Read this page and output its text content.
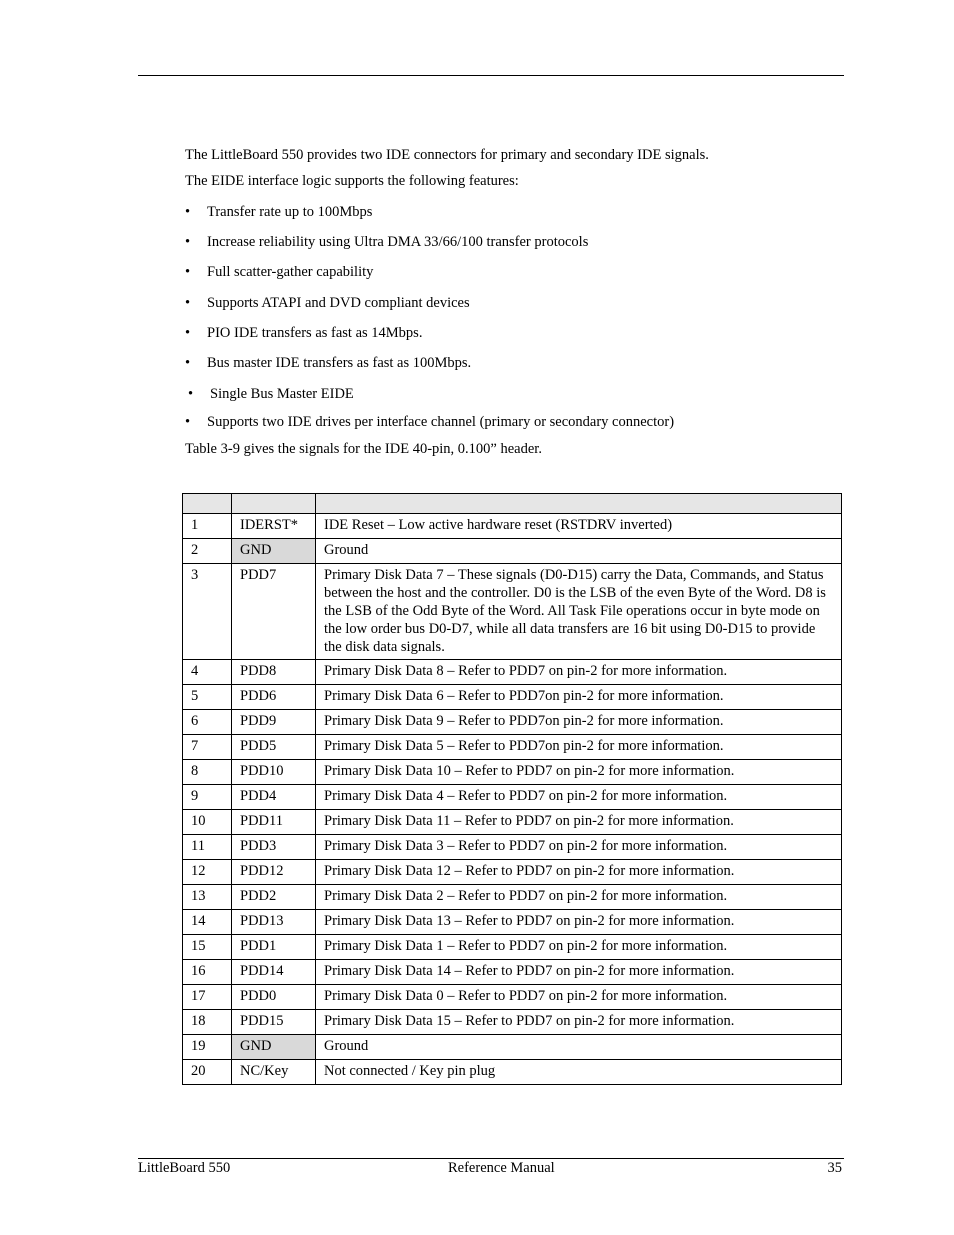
The LittleBoard 550 provides two IDE connectors for primary and secondary IDE signals.

The EIDE interface logic supports the following features:

• Transfer rate up to 100Mbps
• Increase reliability using Ultra DMA 33/66/100 transfer protocols
• Full scatter-gather capability
• Supports ATAPI and DVD compliant devices
• PIO IDE transfers as fast as 14Mbps.
• Bus master IDE transfers as fast as 100Mbps.
• Single Bus Master EIDE
• Supports two IDE drives per interface channel (primary or secondary connector)

Table 3-9 gives the signals for the IDE 40-pin, 0.100” header.

1	IDERST*	IDE Reset – Low active hardware reset (RSTDRV inverted)
2	GND	Ground
3	PDD7	Primary Disk Data 7 – These signals (D0-D15) carry the Data, Commands, and Status between the host and the controller. D0 is the LSB of the even Byte of the Word. D8 is the LSB of the Odd Byte of the Word. All Task File operations occur in byte mode on the low order bus D0-D7, while all data transfers are 16 bit using D0-D15 to provide the disk data signals.
4	PDD8	Primary Disk Data 8 – Refer to PDD7 on pin-2 for more information.
5	PDD6	Primary Disk Data 6 – Refer to PDD7on pin-2 for more information.
6	PDD9	Primary Disk Data 9 – Refer to PDD7on pin-2 for more information.
7	PDD5	Primary Disk Data 5 – Refer to PDD7on pin-2 for more information.
8	PDD10	Primary Disk Data 10 – Refer to PDD7 on pin-2 for more information.
9	PDD4	Primary Disk Data 4 – Refer to PDD7 on pin-2 for more information.
10	PDD11	Primary Disk Data 11 – Refer to PDD7 on pin-2 for more information.
11	PDD3	Primary Disk Data 3 – Refer to PDD7 on pin-2 for more information.
12	PDD12	Primary Disk Data 12 – Refer to PDD7 on pin-2 for more information.
13	PDD2	Primary Disk Data 2 – Refer to PDD7 on pin-2 for more information.
14	PDD13	Primary Disk Data 13 – Refer to PDD7 on pin-2 for more information.
15	PDD1	Primary Disk Data 1 – Refer to PDD7 on pin-2 for more information.
16	PDD14	Primary Disk Data 14 – Refer to PDD7 on pin-2 for more information.
17	PDD0	Primary Disk Data 0 – Refer to PDD7 on pin-2 for more information.
18	PDD15	Primary Disk Data 15 – Refer to PDD7 on pin-2 for more information.
19	GND	Ground
20	NC/Key	Not connected / Key pin plug
LittleBoard 550	Reference Manual	35
